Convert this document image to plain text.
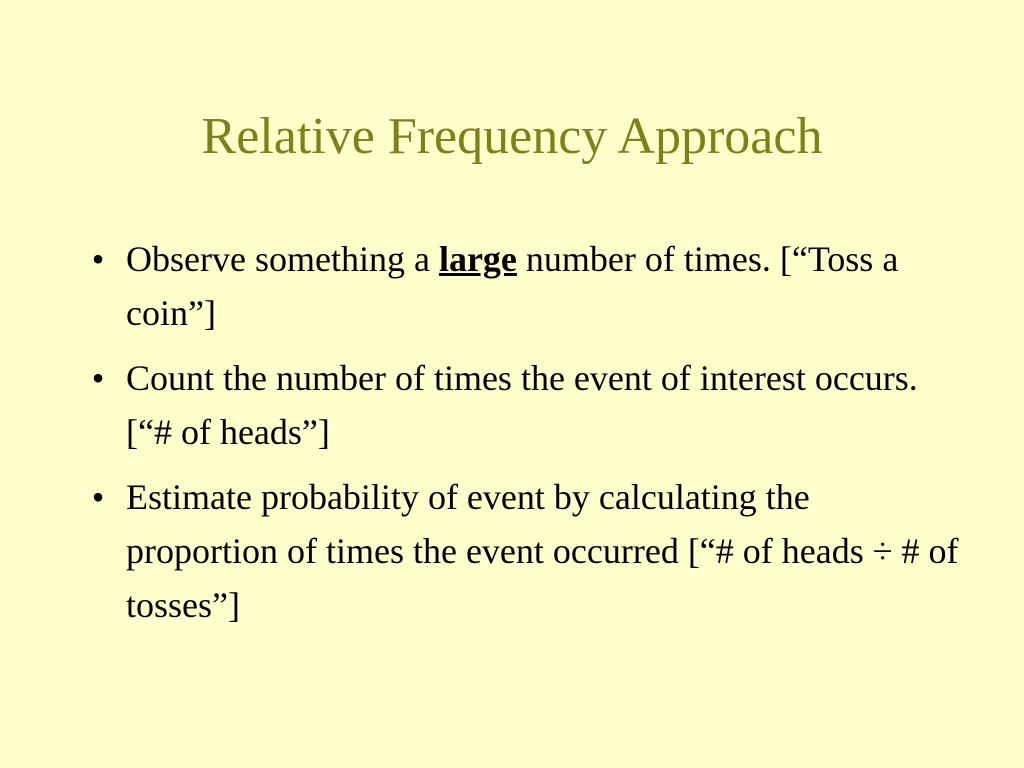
Relative Frequency Approach
• Observe something a large number of times. [“Toss a coin”]
• Count the number of times the event of interest occurs. [“# of heads”]
• Estimate probability of event by calculating the proportion of times the event occurred [“# of heads ÷ # of tosses”]
